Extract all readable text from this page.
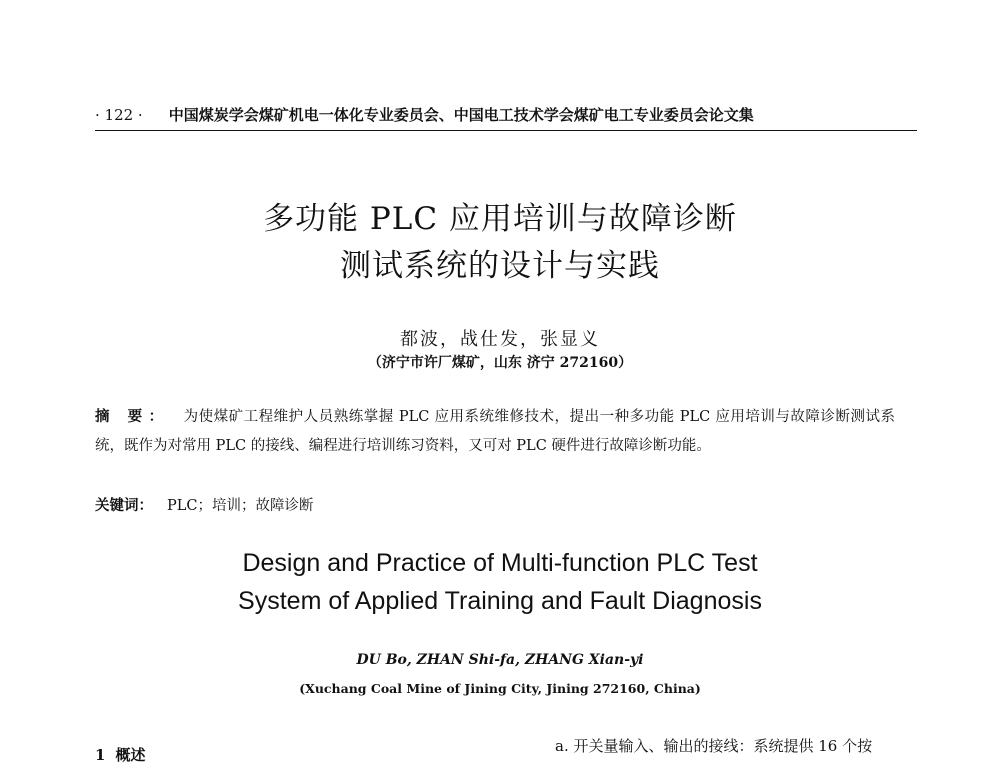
· 122 · 中国煤炭学会煤矿机电一体化专业委员会、中国电工技术学会煤矿电工专业委员会论文集
多功能 PLC 应用培训与故障诊断
测试系统的设计与实践
都波，战仕发，张显义
（济宁市许厂煤矿，山东 济宁 272160）
摘 要： 为使煤矿工程维护人员熟练掌握 PLC 应用系统维修技术，提出一种多功能 PLC 应用培训与故障诊断测试系统，既作为对常用 PLC 的接线、编程进行培训练习资料，又可对 PLC 硬件进行故障诊断功能。
关键词： PLC；培训；故障诊断
Design and Practice of Multi-function PLC Test
System of Applied Training and Fault Diagnosis
DU Bo, ZHAN Shi-fa, ZHANG Xian-yi
(Xuchang Coal Mine of Jining City, Jining 272160, China)
1 概述	a. 开关量输入、输出的接线：系统提供 16 个按
